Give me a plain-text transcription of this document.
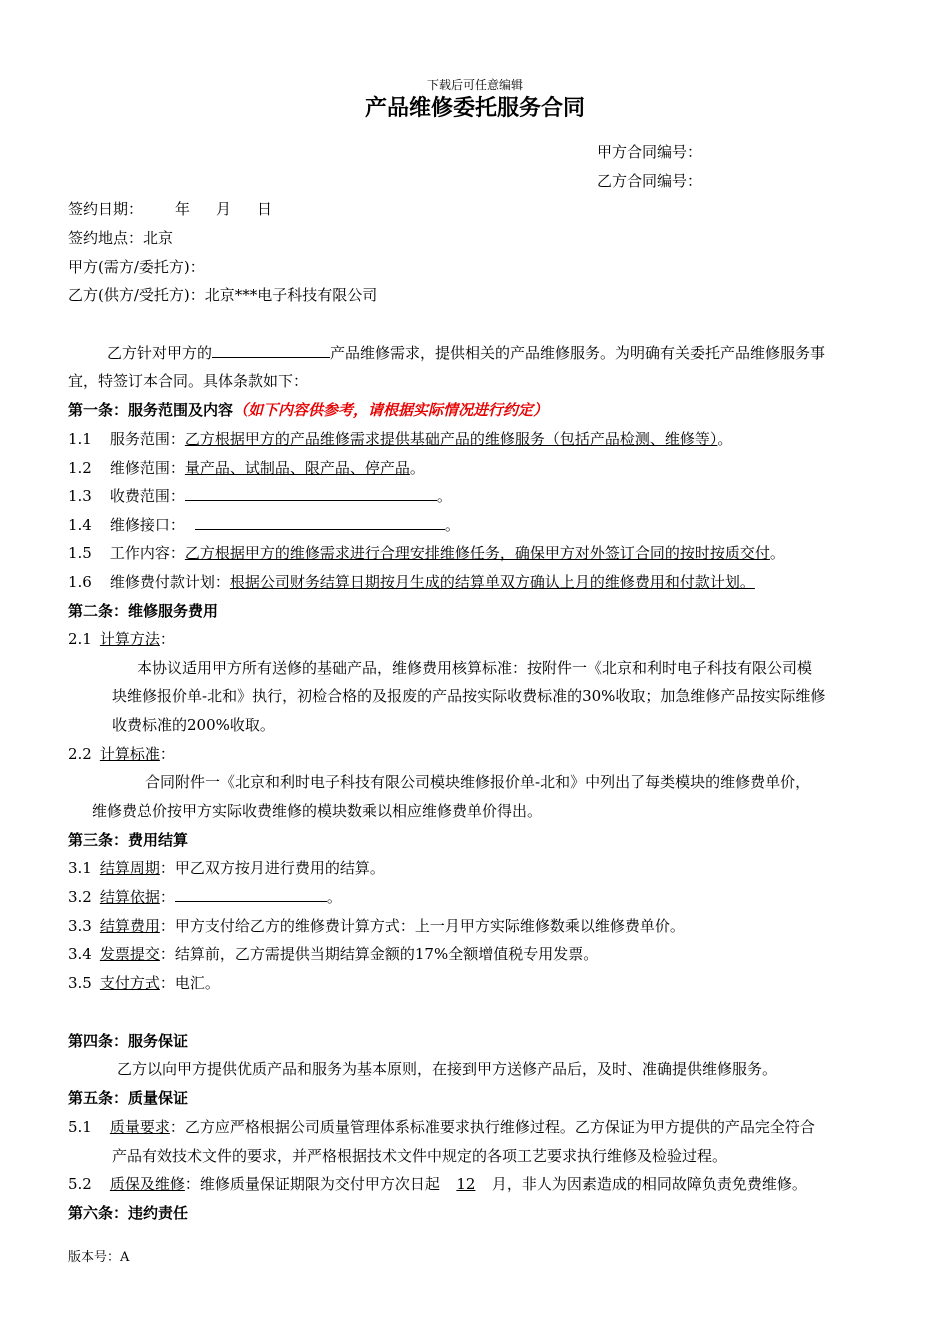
下载后可任意编辑
产品维修委托服务合同
甲方合同编号：
乙方合同编号：
签约日期： 年 月 日
签约地点：北京
甲方(需方/委托方)：
乙方(供方/受托方)：北京***电子科技有限公司
乙方针对甲方的	产品维修需求，提供相关的产品维修服务。为明确有关委托产品维修服务事
宜，特签订本合同。具体条款如下：
第一条：服务范围及内容（如下内容供参考，请根据实际情况进行约定）
1.1 服务范围：乙方根据甲方的产品维修需求提供基础产品的维修服务（包括产品检测、维修等）。
1.2 维修范围：量产品、试制品、限产品、停产品。
1.3 收费范围：	。
1.4 维修接口：	。
1.5 工作内容：乙方根据甲方的维修需求进行合理安排维修任务，确保甲方对外签订合同的按时按质交付。
1.6 维修费付款计划：根据公司财务结算日期按月生成的结算单双方确认上月的维修费用和付款计划。
第二条：维修服务费用
2.1 计算方法：
本协议适用甲方所有送修的基础产品，维修费用核算标准：按附件一《北京和利时电子科技有限公司模
块维修报价单-北和》执行，初检合格的及报废的产品按实际收费标准的30%收取；加急维修产品按实际维修
收费标准的200%收取。
2.2 计算标准：
合同附件一《北京和利时电子科技有限公司模块维修报价单-北和》中列出了每类模块的维修费单价，
维修费总价按甲方实际收费维修的模块数乘以相应维修费单价得出。
第三条：费用结算
3.1 结算周期：甲乙双方按月进行费用的结算。
3.2 结算依据：	。
3.3 结算费用：甲方支付给乙方的维修费计算方式：上一月甲方实际维修数乘以维修费单价。
3.4 发票提交：结算前，乙方需提供当期结算金额的17%全额增值税专用发票。
3.5 支付方式：电汇。
第四条：服务保证
乙方以向甲方提供优质产品和服务为基本原则，在接到甲方送修产品后，及时、准确提供维修服务。
第五条：质量保证
5.1 质量要求：乙方应严格根据公司质量管理体系标准要求执行维修过程。乙方保证为甲方提供的产品完全符合
产品有效技术文件的要求，并严格根据技术文件中规定的各项工艺要求执行维修及检验过程。
5.2 质保及维修：维修质量保证期限为交付甲方次日起 12 月，非人为因素造成的相同故障负责免费维修。
第六条：违约责任
版本号：A
